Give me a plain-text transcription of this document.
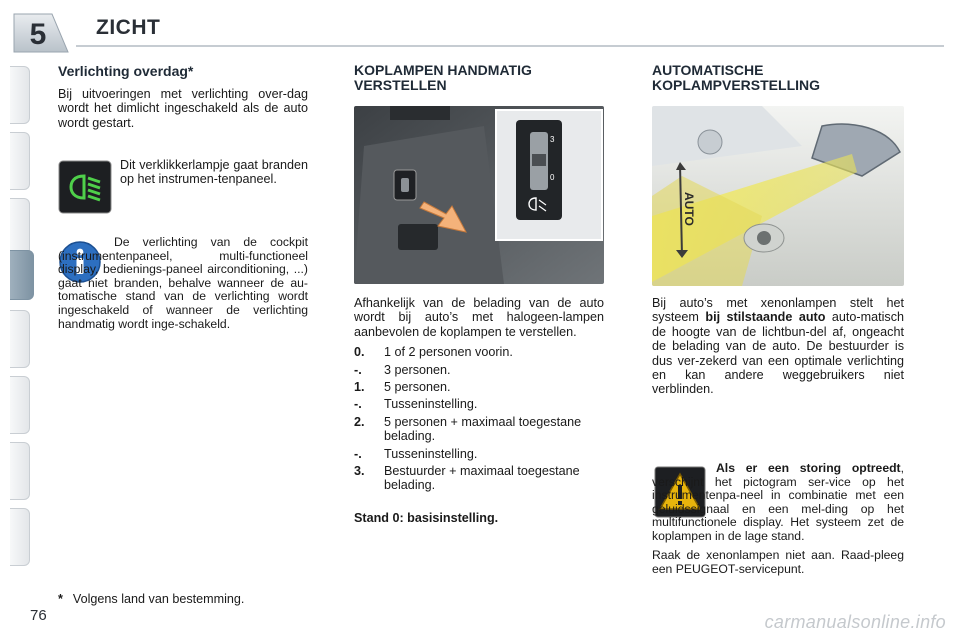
5 ZICHT
Verlichting overdag*

Bij uitvoeringen met verlichting over-dag wordt het dimlicht ingeschakeld als de auto wordt gestart.

Dit verklikkerlampje gaat branden op het instrumen-tenpaneel.

De verlichting van de cockpit (instrumentenpaneel, multi-functioneel display, bedienings-paneel airconditioning, ...) gaat niet branden, behalve wanneer de au-tomatische stand van de verlichting wordt ingeschakeld of wanneer de verlichting handmatig wordt inge-schakeld.

KOPLAMPEN HANDMATIG VERSTELLEN
3
0

Afhankelijk van de belading van de auto wordt bij auto’s met halogeen-lampen aanbevolen de koplampen te verstellen.

0.	1 of 2 personen voorin.
-.	3 personen.
1.	5 personen.
-.	Tusseninstelling.
2.	5 personen + maximaal toegestane belading.
-.	Tusseninstelling.
3.	Bestuurder + maximaal toegestane belading.

Stand 0: basisinstelling.

AUTOMATISCHE KOPLAMPVERSTELLING
AUTO

Bij auto’s met xenonlampen stelt het systeem bij stilstaande auto auto-matisch de hoogte van de lichtbun-del af, ongeacht de belading van de auto. De bestuurder is dus ver-zekerd van een optimale verlichting en kan andere weggebruikers niet verblinden.

Als er een storing optreedt, verschijnt het pictogram ser-vice op het instrumentenpa-neel in combinatie met een geluidssignaal en een mel-ding op het multifunctionele display. Het systeem zet de koplampen in de lage stand.

Raak de xenonlampen niet aan. Raad-pleeg een PEUGEOT-servicepunt.

* Volgens land van bestemming.
76	carmanualsonline.info
